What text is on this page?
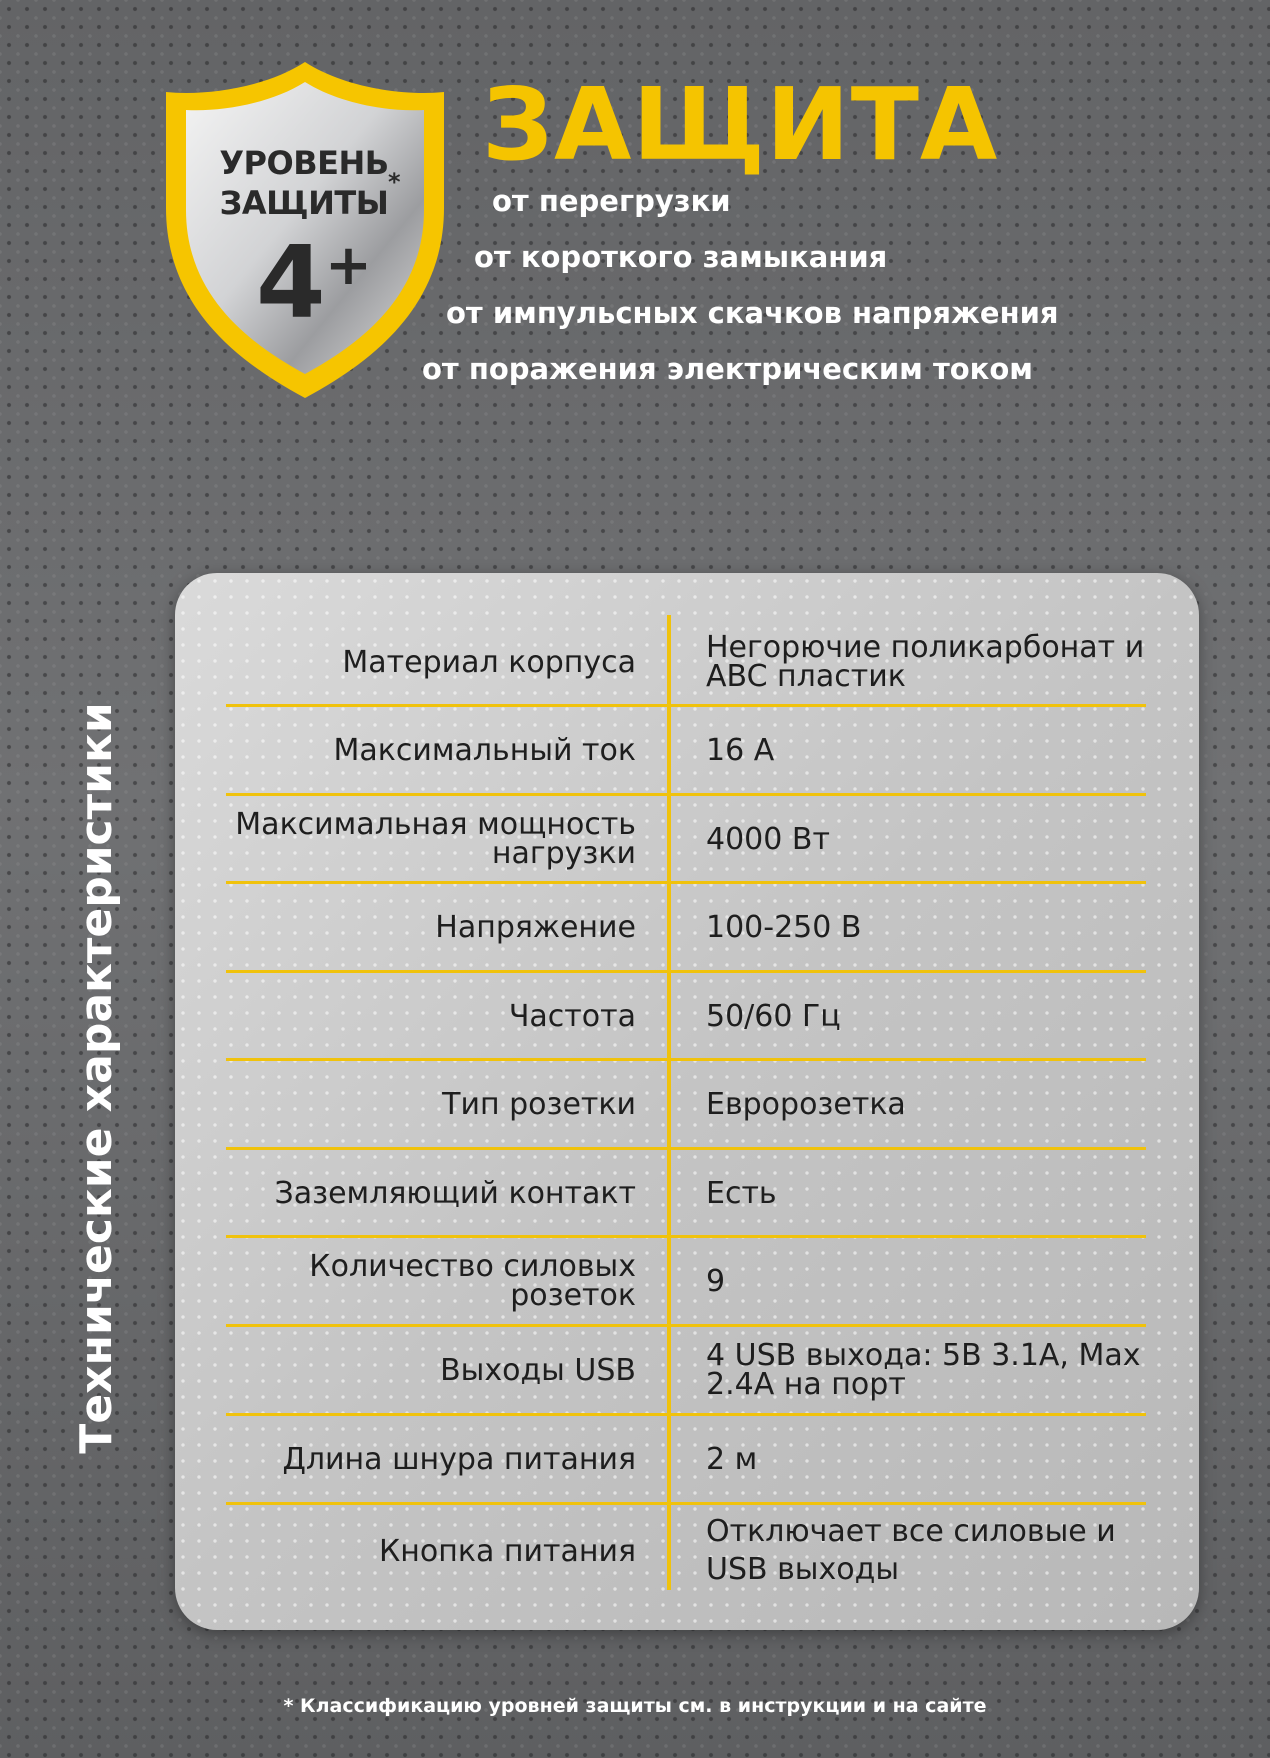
УРОВЕНЬ
ЗАЩИТЫ
*
4 +
ЗАЩИТА
от перегрузки
от короткого замыкания
от импульсных скачков напряжения
от поражения электрическим током
Технические характеристики
Материал корпуса Негорючие поликарбонат и ABC пластик
Максимальный ток 16 А
Максимальная мощность нагрузки 4000 Вт
Напряжение 100-250 В
Частота 50/60 Гц
Тип розетки Евророзетка
Заземляющий контакт Есть
Количество силовых розеток 9
Выходы USB 4 USB выхода: 5В 3.1А, Max 2.4А на порт
Длина шнура питания 2 м
Кнопка питания
Отключает все силовые и USB выходы
* Классификацию уровней защиты см. в инструкции и на сайте
